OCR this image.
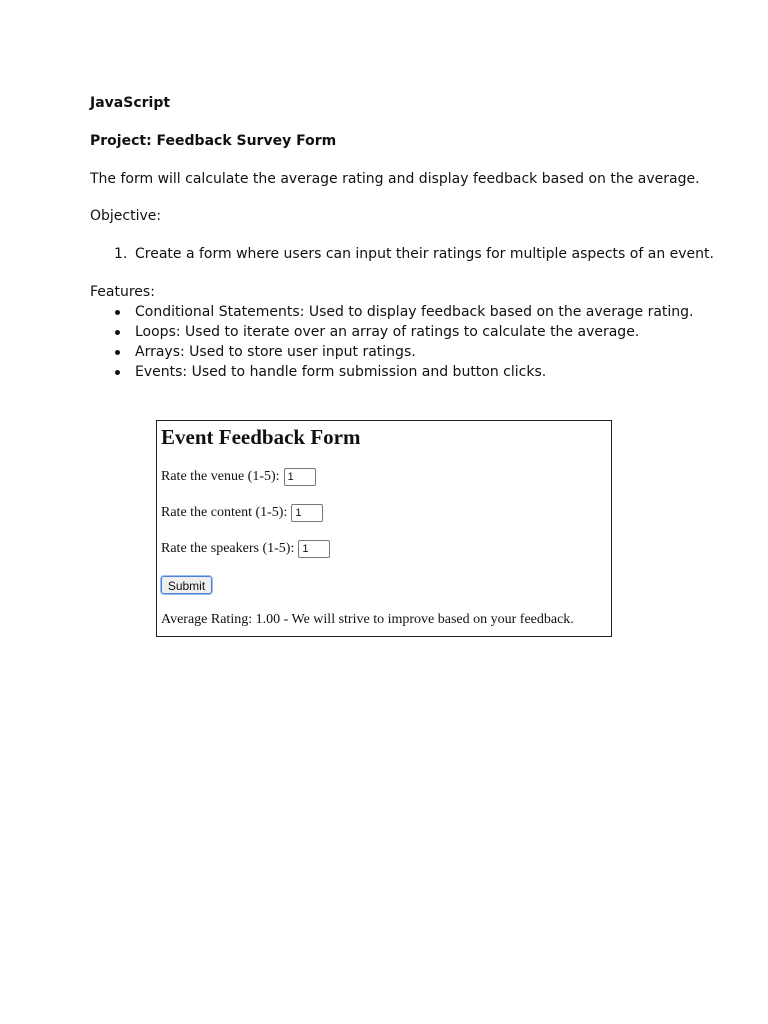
JavaScript
Project: Feedback Survey Form
The form will calculate the average rating and display feedback based on the average.
Objective:
1. Create a form where users can input their ratings for multiple aspects of an event.
Features:
Conditional Statements: Used to display feedback based on the average rating.
Loops: Used to iterate over an array of ratings to calculate the average.
Arrays: Used to store user input ratings.
Events: Used to handle form submission and button clicks.
Event Feedback Form
Rate the venue (1-5):
1
Rate the content (1-5):
1
Rate the speakers (1-5):
1
Submit
Average Rating: 1.00 - We will strive to improve based on your feedback.
